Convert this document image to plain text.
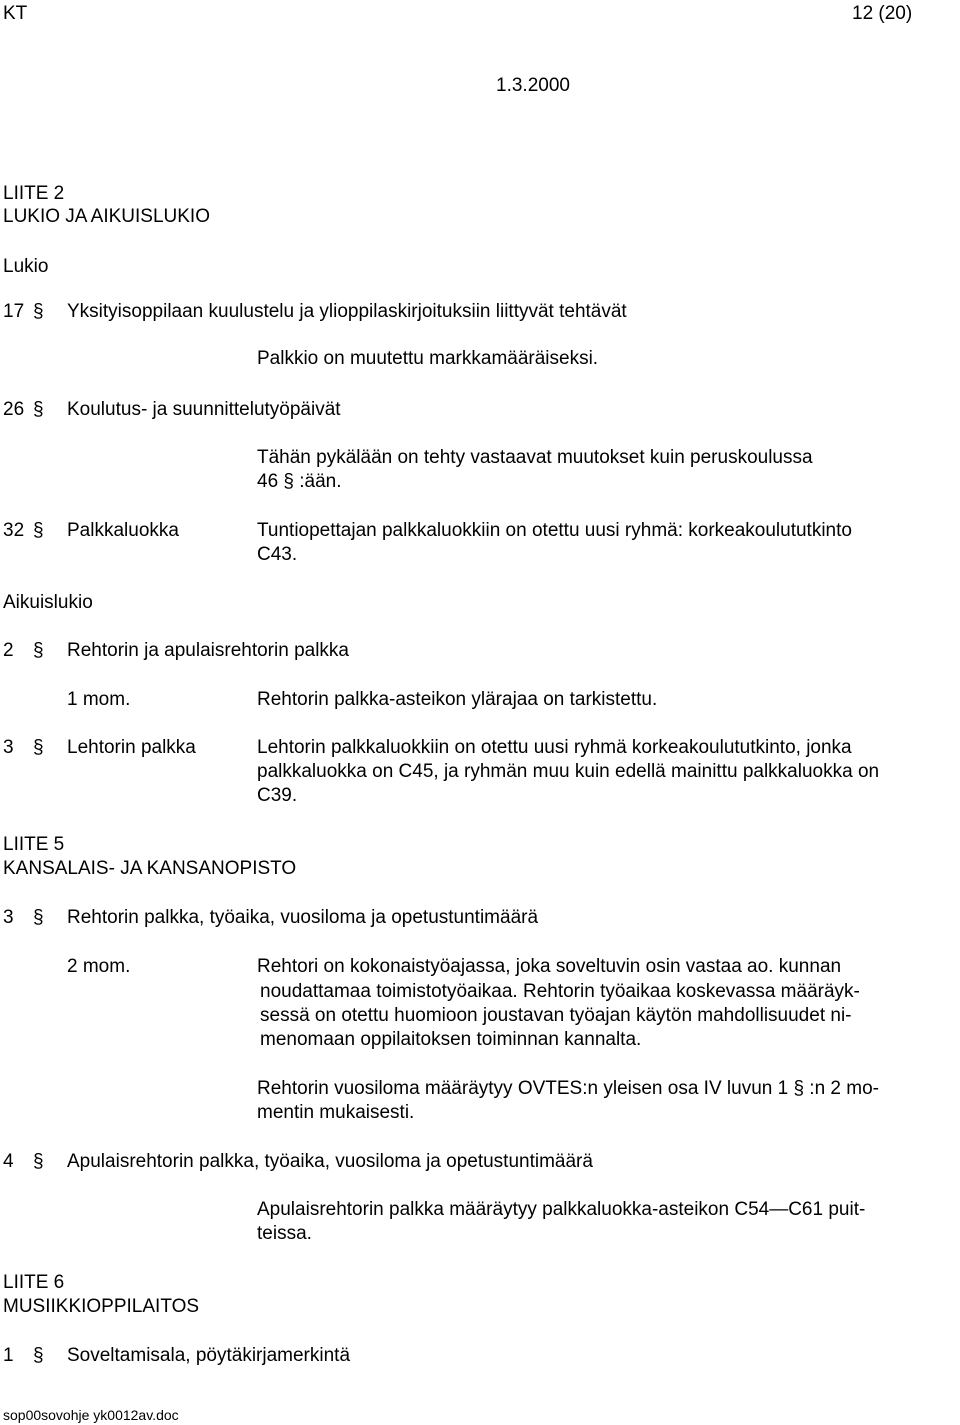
KT	12 (20)
1.3.2000
LIITE 2
LUKIO JA AIKUISLUKIO
Lukio
17 § Yksityisoppilaan kuulustelu ja ylioppilaskirjoituksiin liittyvät tehtävät
Palkkio on muutettu markkamääräiseksi.
26 § Koulutus- ja suunnittelutyöpäivät
Tähän pykälään on tehty vastaavat muutokset kuin peruskoulussa
46 § :ään.
32 § Palkkaluokka	Tuntiopettajan palkkaluokkiin on otettu uusi ryhmä: korkeakoulututkinto
C43.
Aikuislukio
2 § Rehtorin ja apulaisrehtorin palkka
1 mom.	Rehtorin palkka-asteikon ylärajaa on tarkistettu.
3 § Lehtorin palkka	Lehtorin palkkaluokkiin on otettu uusi ryhmä korkeakoulututkinto, jonka
palkkaluokka on C45, ja ryhmän muu kuin edellä mainittu palkkaluokka on
C39.
LIITE 5
KANSALAIS- JA KANSANOPISTO
3 § Rehtorin palkka, työaika, vuosiloma ja opetustuntimäärä
2 mom.	Rehtori on kokonaistyöajassa, joka soveltuvin osin vastaa ao. kunnan
noudattamaa toimistotyöaikaa. Rehtorin työaikaa koskevassa määräyk-
sessä on otettu huomioon joustavan työajan käytön mahdollisuudet ni-
menomaan oppilaitoksen toiminnan kannalta.
Rehtorin vuosiloma määräytyy OVTES:n yleisen osa IV luvun 1 § :n 2 mo-
mentin mukaisesti.
4 § Apulaisrehtorin palkka, työaika, vuosiloma ja opetustuntimäärä
Apulaisrehtorin palkka määräytyy palkkaluokka-asteikon C54—C61 puit-
teissa.
LIITE 6
MUSIIKKIOPPILAITOS
1 § Soveltamisala, pöytäkirjamerkintä
sop00sovohje yk0012av.doc
